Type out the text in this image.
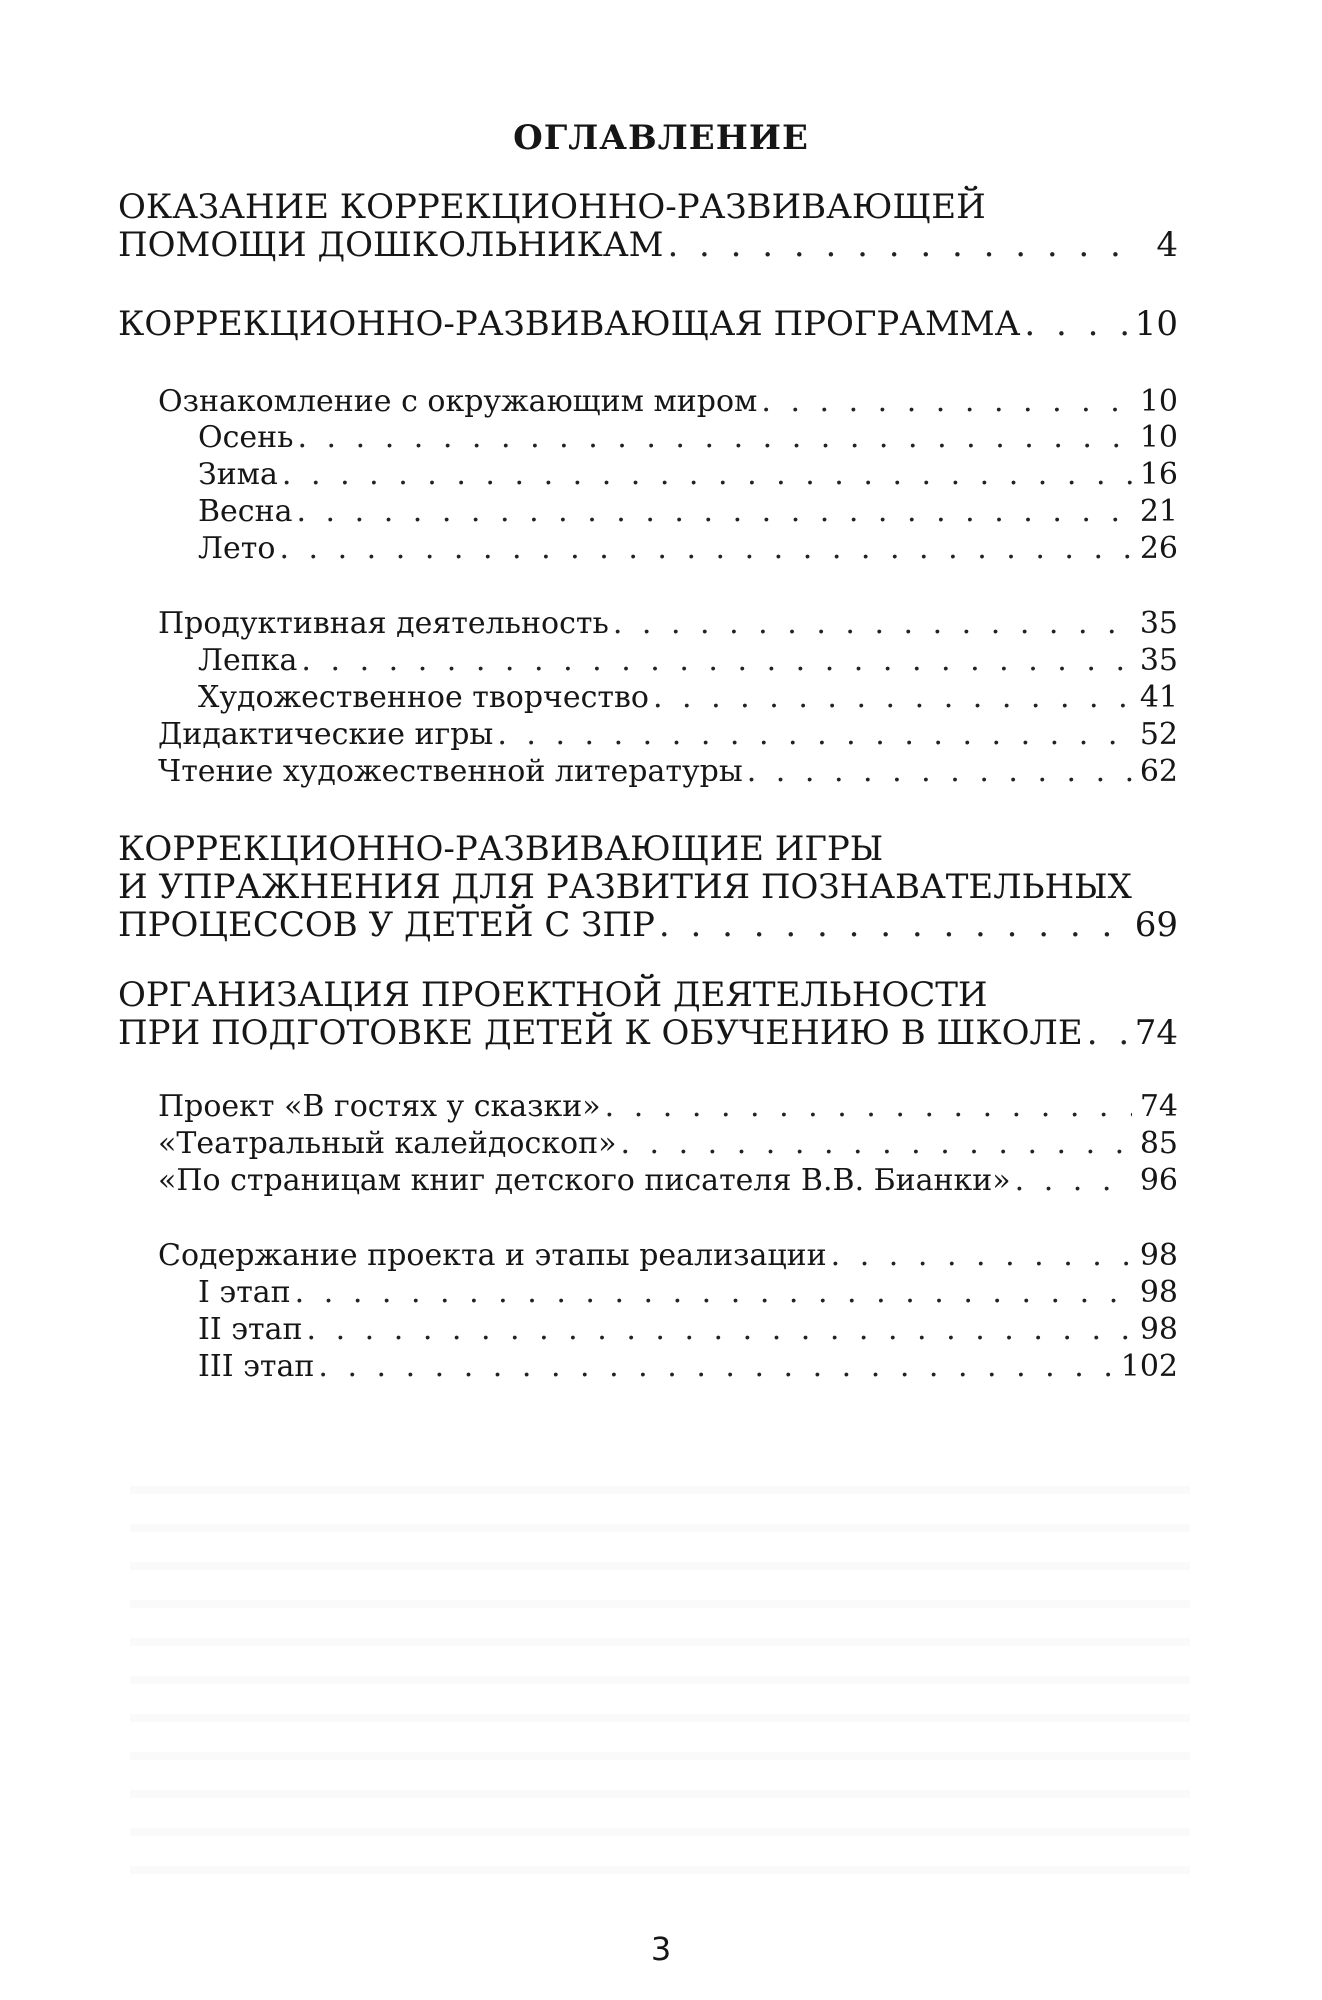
ОГЛАВЛЕНИЕ
ОКАЗАНИЕ КОРРЕКЦИОННО-РАЗВИВАЮЩЕЙ
ПОМОЩИ ДОШКОЛЬНИКАМ . . .	4
КОРРЕКЦИОННО-РАЗВИВАЮЩАЯ ПРОГРАММА . . .	10
Ознакомление с окружающим миром . . .	10
Осень . . .	10
Зима . . .	16
Весна . . .	21
Лето . . .	26
Продуктивная деятельность . . .	35
Лепка . . .	35
Художественное творчество . . .	41
Дидактические игры . . .	52
Чтение художественной литературы . . .	62
КОРРЕКЦИОННО-РАЗВИВАЮЩИЕ ИГРЫ
И УПРАЖНЕНИЯ ДЛЯ РАЗВИТИЯ ПОЗНАВАТЕЛЬНЫХ
ПРОЦЕССОВ У ДЕТЕЙ С ЗПР . . .	69
ОРГАНИЗАЦИЯ ПРОЕКТНОЙ ДЕЯТЕЛЬНОСТИ
ПРИ ПОДГОТОВКЕ ДЕТЕЙ К ОБУЧЕНИЮ В ШКОЛЕ . . . 74
Проект «В гостях у сказки» . . .	74
«Театральный калейдоскоп» . . .	85
«По страницам книг детского писателя В.В. Бианки» . . .	96
Содержание проекта и этапы реализации . . .	98
I этап . . .	98
II этап . . .	98
III этап . . .	102
3
